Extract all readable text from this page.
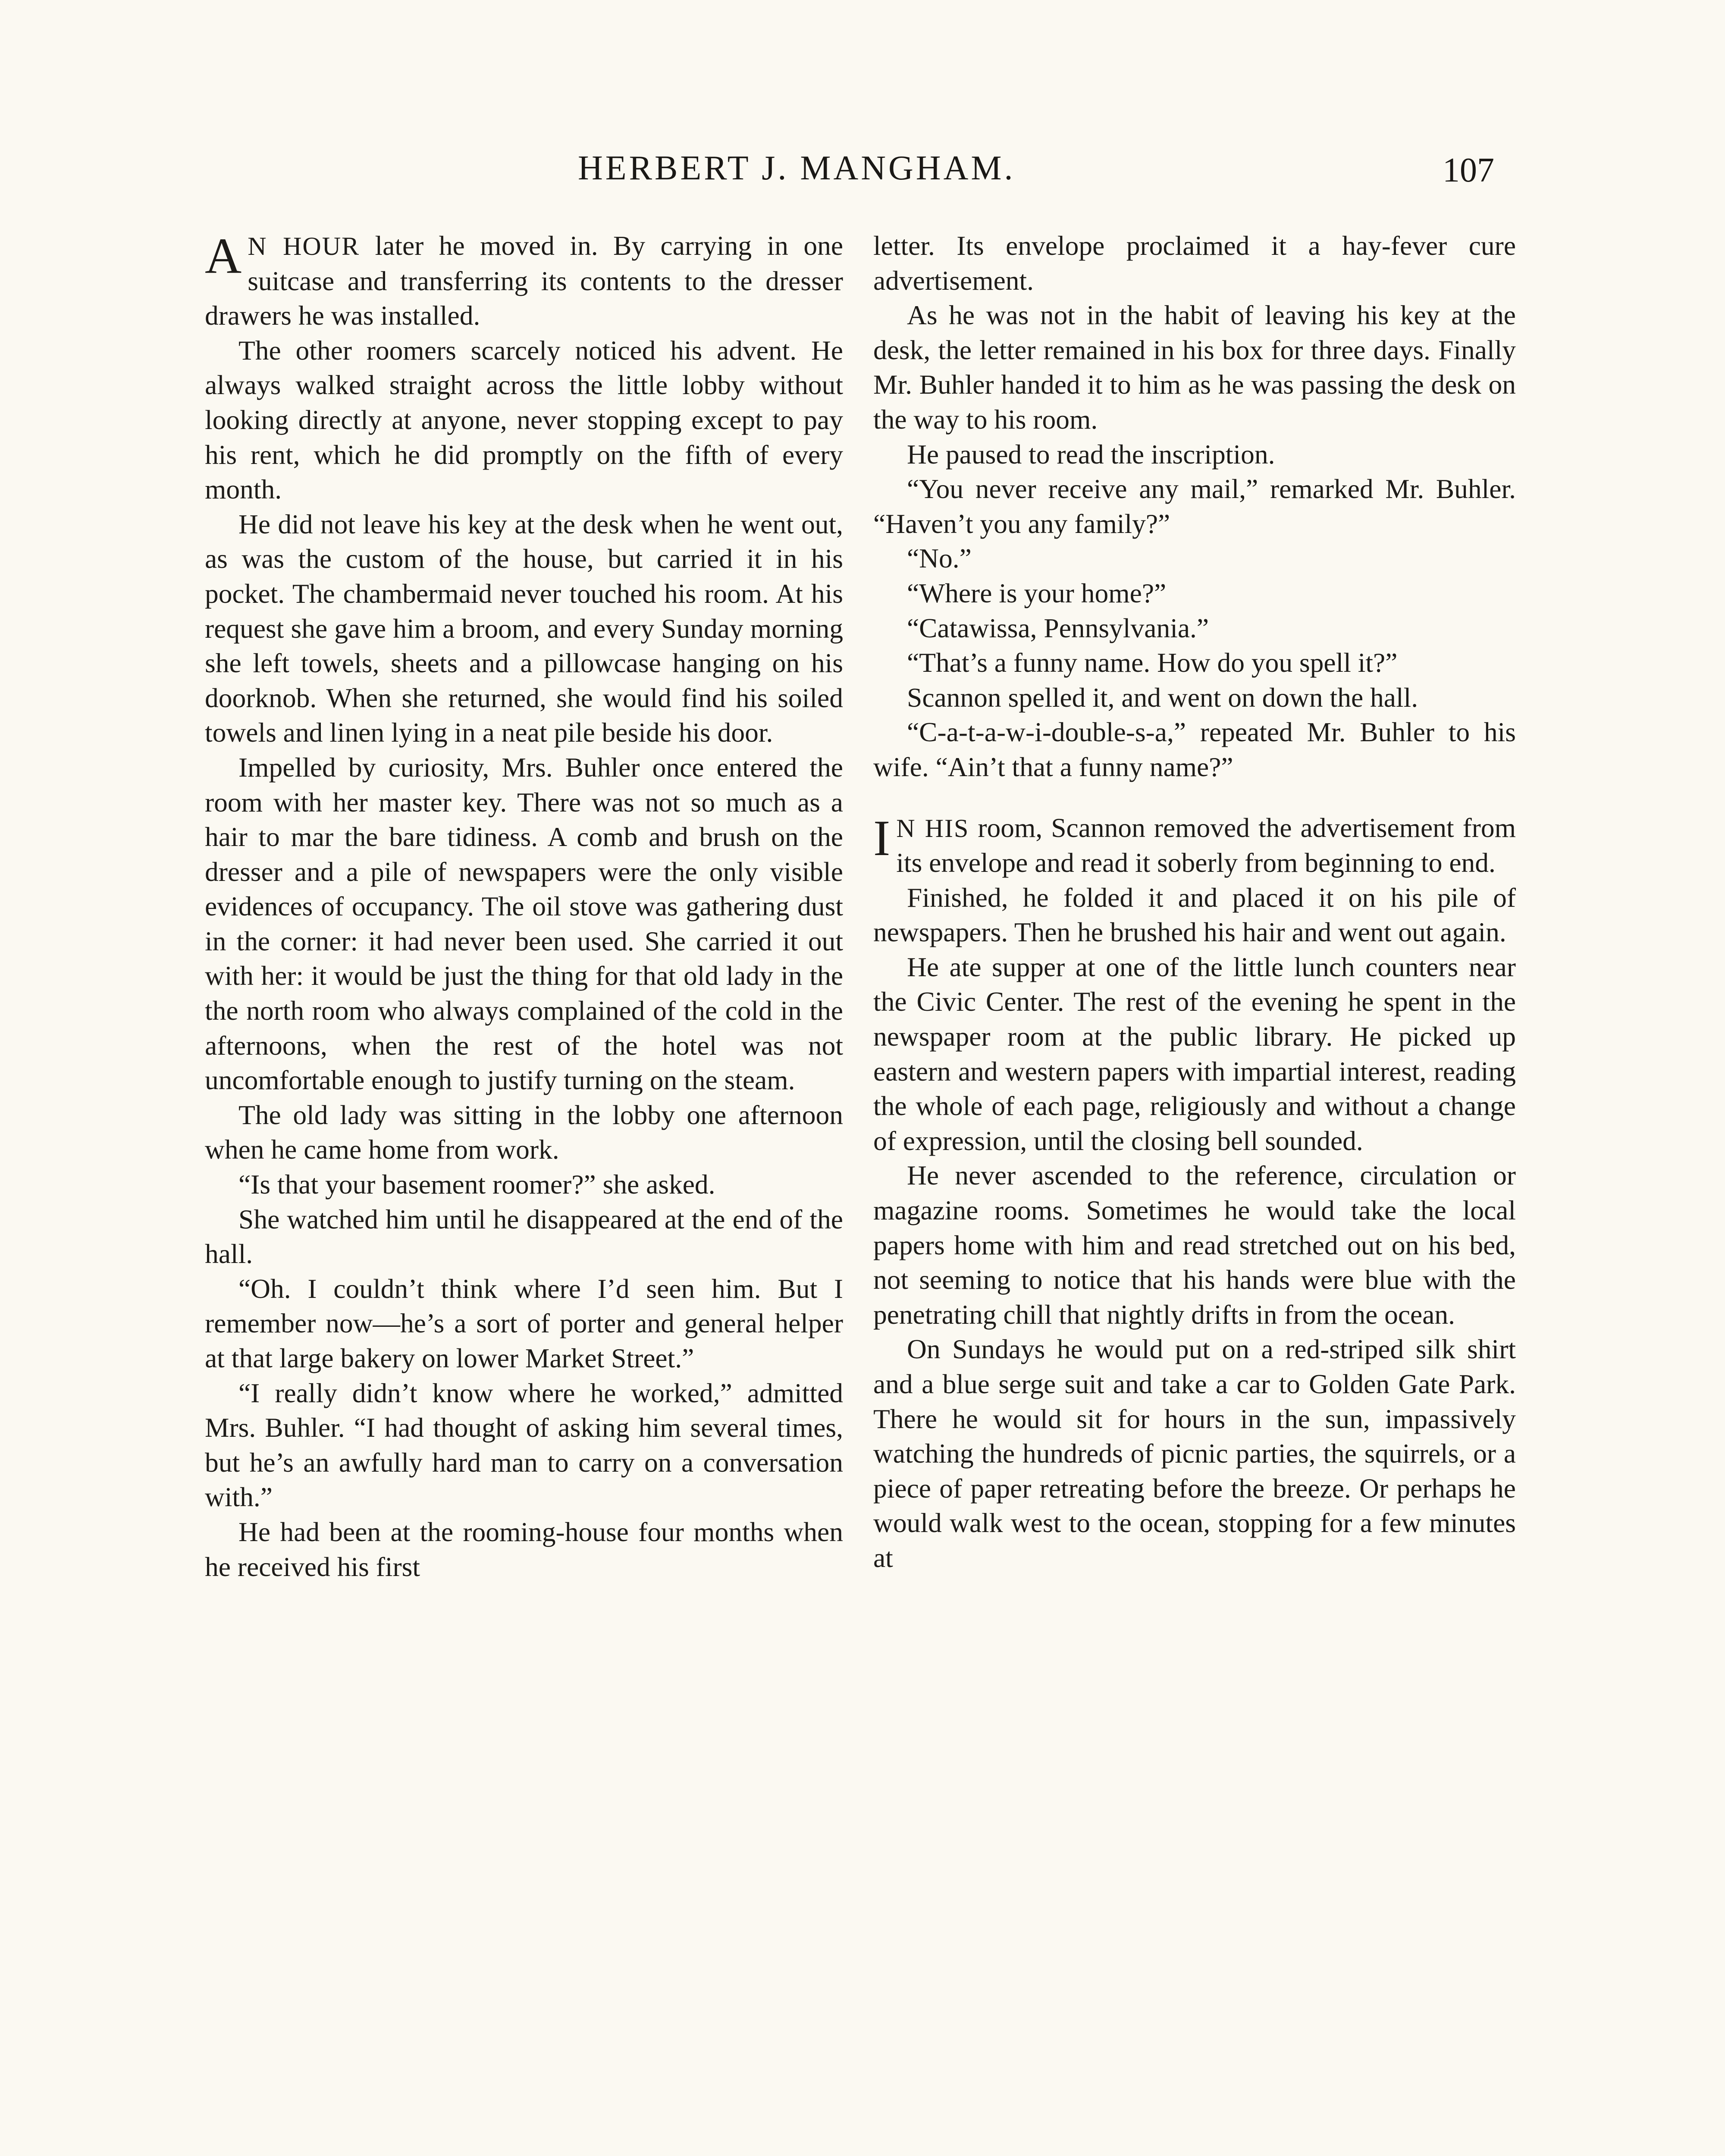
HERBERT J. MANGHAM.	107

A N HOUR later he moved in. By carrying in one suitcase and transferring its contents to the dresser drawers he was installed.

The other roomers scarcely noticed his advent. He always walked straight across the little lobby without looking directly at anyone, never stopping except to pay his rent, which he did promptly on the fifth of every month.

He did not leave his key at the desk when he went out, as was the custom of the house, but carried it in his pocket. The chambermaid never touched his room. At his request she gave him a broom, and every Sunday morning she left towels, sheets and a pillowcase hanging on his doorknob. When she returned, she would find his soiled towels and linen lying in a neat pile beside his door.

Impelled by curiosity, Mrs. Buhler once entered the room with her master key. There was not so much as a hair to mar the bare tidiness. A comb and brush on the dresser and a pile of newspapers were the only visible evidences of occupancy. The oil stove was gathering dust in the corner: it had never been used. She carried it out with her: it would be just the thing for that old lady in the the north room who always complained of the cold in the afternoons, when the rest of the hotel was not uncomfortable enough to justify turning on the steam.

The old lady was sitting in the lobby one afternoon when he came home from work.

“Is that your basement roomer?” she asked.

She watched him until he disappeared at the end of the hall.

“Oh. I couldn’t think where I’d seen him. But I remember now—he’s a sort of porter and general helper at that large bakery on lower Market Street.”

“I really didn’t know where he worked,” admitted Mrs. Buhler. “I had thought of asking him several times, but he’s an awfully hard man to carry on a conversation with.”

He had been at the rooming-house four months when he received his first

letter. Its envelope proclaimed it a hay-fever cure advertisement.

As he was not in the habit of leaving his key at the desk, the letter remained in his box for three days. Finally Mr. Buhler handed it to him as he was passing the desk on the way to his room.

He paused to read the inscription.

“You never receive any mail,” remarked Mr. Buhler. “Haven’t you any family?”

“No.”

“Where is your home?”

“Catawissa, Pennsylvania.”

“That’s a funny name. How do you spell it?”

Scannon spelled it, and went on down the hall.

“C-a-t-a-w-i-double-s-a,” repeated Mr. Buhler to his wife. “Ain’t that a funny name?”

I N HIS room, Scannon removed the advertisement from its envelope and read it soberly from beginning to end.

Finished, he folded it and placed it on his pile of newspapers. Then he brushed his hair and went out again.

He ate supper at one of the little lunch counters near the Civic Center. The rest of the evening he spent in the newspaper room at the public library. He picked up eastern and western papers with impartial interest, reading the whole of each page, religiously and without a change of expression, until the closing bell sounded.

He never ascended to the reference, circulation or magazine rooms. Sometimes he would take the local papers home with him and read stretched out on his bed, not seeming to notice that his hands were blue with the penetrating chill that nightly drifts in from the ocean.

On Sundays he would put on a red-striped silk shirt and a blue serge suit and take a car to Golden Gate Park. There he would sit for hours in the sun, impassively watching the hundreds of picnic parties, the squirrels, or a piece of paper retreating before the breeze. Or perhaps he would walk west to the ocean, stopping for a few minutes at
